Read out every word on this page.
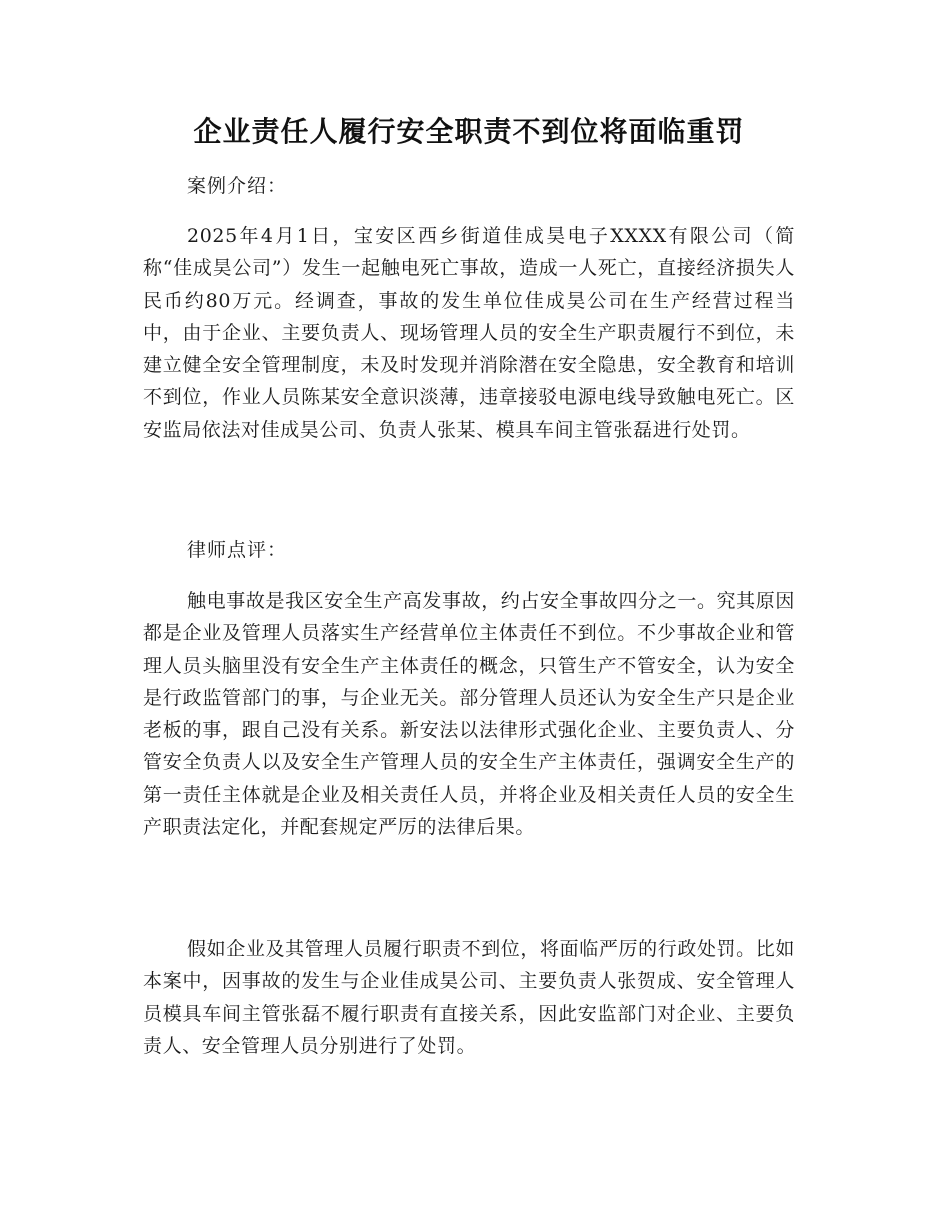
企业责任人履行安全职责不到位将面临重罚
案例介绍：

2025年4月1日，宝安区西乡街道佳成昊电子XXXX有限公司（简称“佳成昊公司”）发生一起触电死亡事故，造成一人死亡，直接经济损失人民币约80万元。经调查，事故的发生单位佳成昊公司在生产经营过程当中，由于企业、主要负责人、现场管理人员的安全生产职责履行不到位，未建立健全安全管理制度，未及时发现并消除潜在安全隐患，安全教育和培训不到位，作业人员陈某安全意识淡薄，违章接驳电源电线导致触电死亡。区安监局依法对佳成昊公司、负责人张某、模具车间主管张磊进行处罚。

律师点评：

触电事故是我区安全生产高发事故，约占安全事故四分之一。究其原因都是企业及管理人员落实生产经营单位主体责任不到位。不少事故企业和管理人员头脑里没有安全生产主体责任的概念，只管生产不管安全，认为安全是行政监管部门的事，与企业无关。部分管理人员还认为安全生产只是企业老板的事，跟自己没有关系。新安法以法律形式强化企业、主要负责人、分管安全负责人以及安全生产管理人员的安全生产主体责任，强调安全生产的第一责任主体就是企业及相关责任人员，并将企业及相关责任人员的安全生产职责法定化，并配套规定严厉的法律后果。

假如企业及其管理人员履行职责不到位，将面临严厉的行政处罚。比如本案中，因事故的发生与企业佳成昊公司、主要负责人张贺成、安全管理人员模具车间主管张磊不履行职责有直接关系，因此安监部门对企业、主要负责人、安全管理人员分别进行了处罚。
